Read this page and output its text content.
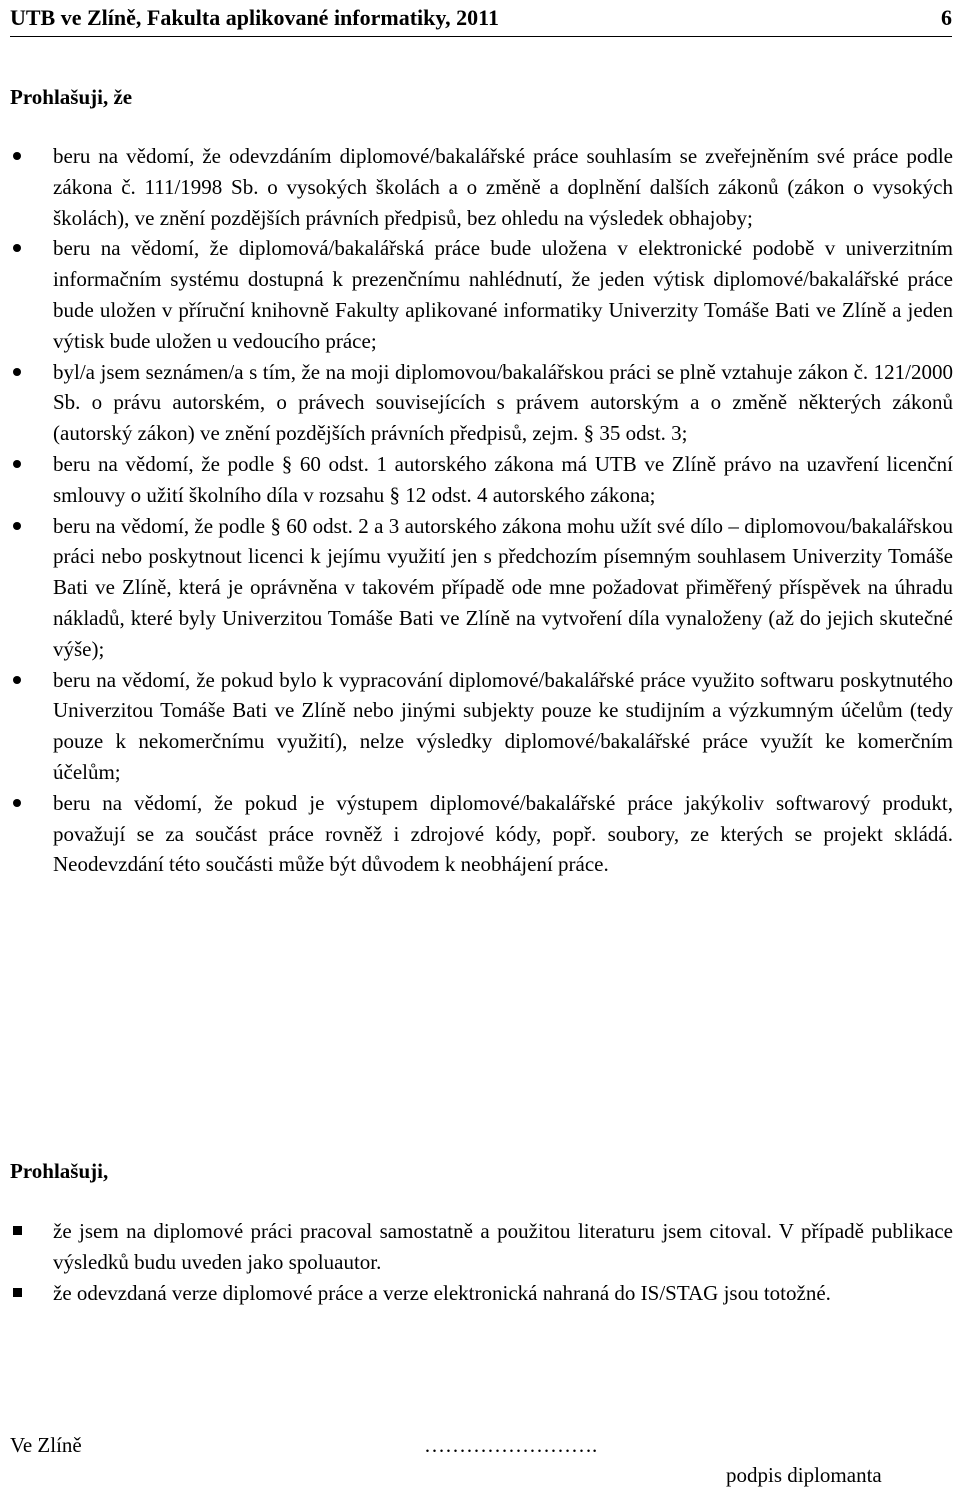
UTB ve Zlíně, Fakulta aplikované informatiky, 2011	6
Prohlašuji, že
beru na vědomí, že odevzdáním diplomové/bakalářské práce souhlasím se zveřejněním své práce podle zákona č. 111/1998 Sb. o vysokých školách a o změně a doplnění dalších zákonů (zákon o vysokých školách), ve znění pozdějších právních předpisů, bez ohledu na výsledek obhajoby;
beru na vědomí, že diplomová/bakalářská práce bude uložena v elektronické podobě v univerzitním informačním systému dostupná k prezenčnímu nahlédnutí, že jeden výtisk diplomové/bakalářské práce bude uložen v příruční knihovně Fakulty aplikované informatiky Univerzity Tomáše Bati ve Zlíně a jeden výtisk bude uložen u vedoucího práce;
byl/a jsem seznámen/a s tím, že na moji diplomovou/bakalářskou práci se plně vztahuje zákon č. 121/2000 Sb. o právu autorském, o právech souvisejících s právem autorským a o změně některých zákonů (autorský zákon) ve znění pozdějších právních předpisů, zejm. § 35 odst. 3;
beru na vědomí, že podle § 60 odst. 1 autorského zákona má UTB ve Zlíně právo na uzavření licenční smlouvy o užití školního díla v rozsahu § 12 odst. 4 autorského zákona;
beru na vědomí, že podle § 60 odst. 2 a 3 autorského zákona mohu užít své dílo – diplomovou/bakalářskou práci nebo poskytnout licenci k jejímu využití jen s předchozím písemným souhlasem Univerzity Tomáše Bati ve Zlíně, která je oprávněna v takovém případě ode mne požadovat přiměřený příspěvek na úhradu nákladů, které byly Univerzitou Tomáše Bati ve Zlíně na vytvoření díla vynaloženy (až do jejich skutečné výše);
beru na vědomí, že pokud bylo k vypracování diplomové/bakalářské práce využito softwaru poskytnutého Univerzitou Tomáše Bati ve Zlíně nebo jinými subjekty pouze ke studijním a výzkumným účelům (tedy pouze k nekomerčnímu využití), nelze výsledky diplomové/bakalářské práce využít ke komerčním účelům;
beru na vědomí, že pokud je výstupem diplomové/bakalářské práce jakýkoliv softwarový produkt, považují se za součást práce rovněž i zdrojové kódy, popř. soubory, ze kterých se projekt skládá. Neodevzdání této součásti může být důvodem k neobhájení práce.
Prohlašuji,
že jsem na diplomové práci pracoval samostatně a použitou literaturu jsem citoval. V případě publikace výsledků budu uveden jako spoluautor.
že odevzdaná verze diplomové práce a verze elektronická nahraná do IS/STAG jsou totožné.
Ve Zlíně	…………………….
podpis diplomanta
